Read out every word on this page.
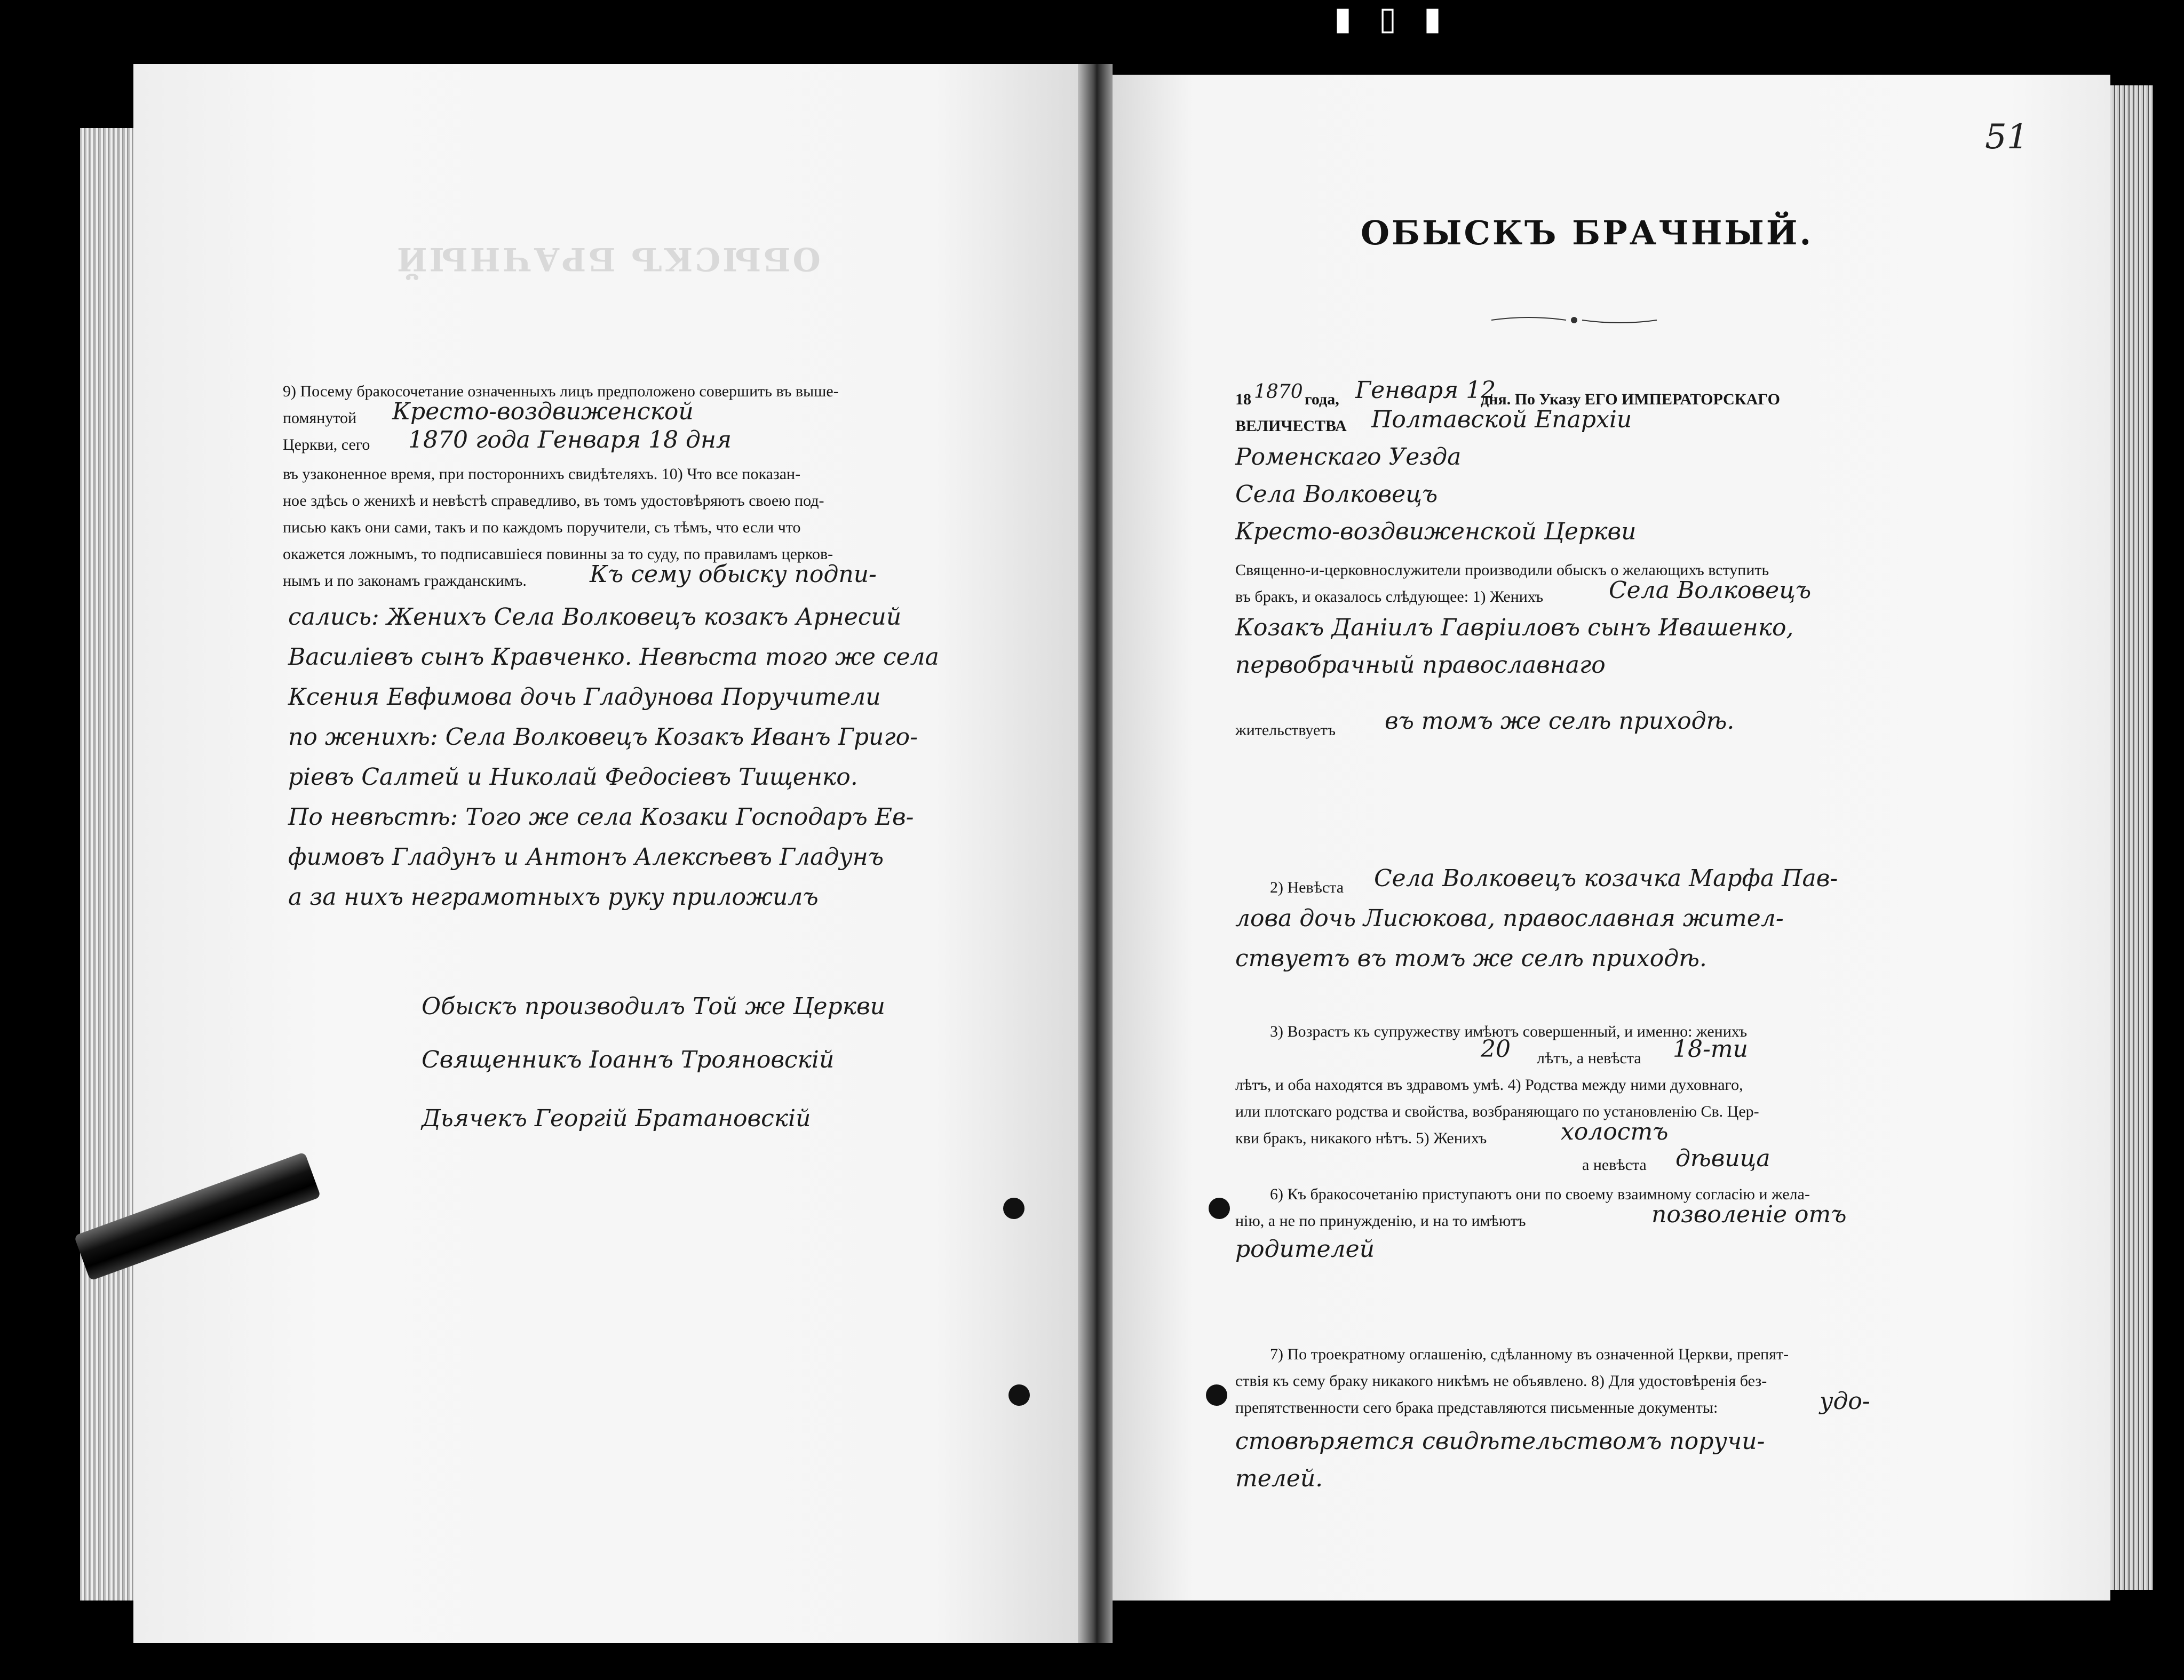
▮ ▯ ▮
ОБЫСКЪ БРАЧНЫЙ
9) Посему бракосочетание означенныхъ лицъ предположено совершить въ выше-
помянутой Кресто-воздвиженской
Церкви, сего 1870 года Генваря 18 дня
въ узаконенное время, при постороннихъ свидѣтеляхъ. 10) Что все показан-
ное здѣсь о женихѣ и невѣстѣ справедливо, въ томъ удостовѣряютъ своею под-
писью какъ они сами, такъ и по каждомъ поручители, съ тѣмъ, что если что
окажется ложнымъ, то подписавшiеся повинны за то суду, по правиламъ церков-
нымъ и по законамъ гражданскимъ.	Къ сему обыску подпи-
сались: Женихъ Села Волковецъ козакъ Арнесий
Василiевъ сынъ Кравченко. Невѣста того же села
Ксения Евфимова дочь Гладунова Поручители
по женихѣ: Села Волковецъ Козакъ Иванъ Григо-
рiевъ Салтей и Николай Федосiевъ Тищенко.
По невѣстѣ: Того же села Козаки Господаръ Ев-
фимовъ Гладунъ и Антонъ Алексѣевъ Гладунъ
а за нихъ неграмотныхъ руку приложилъ
Обыскъ производилъ Той же Церкви
Священникъ Iоаннъ Трояновскiй
Дьячекъ Георгiй Братановскiй
51
ОБЫСКЪ БРАЧНЫЙ.
18 1870 года, Генваря 12
дня. По Указу ЕГО ИМПЕРАТОРСКАГО
ВЕЛИЧЕСТВА Полтавской Епархiи
Роменскаго Уезда
Села Волковецъ
Кресто-воздвиженской Церкви
Священно-и-церковнослужители производили обыскъ о желающихъ вступить
въ бракъ, и оказалось слѣдующее: 1) Женихъ	Села Волковецъ
Козакъ Данiилъ Гаврiиловъ сынъ Ивашенко,
первобрачный православнаго
жительствуетъ въ томъ же селѣ приходѣ.
2) Невѣста Села Волковецъ козачка Марфа Пав-
лова дочь Лисюкова, православная жител-
ствуетъ въ томъ же селѣ приходѣ.
3) Возрастъ къ супружеству имѣютъ совершенный, и именно: женихъ
20 лѣтъ, а невѣста 18-ти
лѣтъ, и оба находятся въ здравомъ умѣ. 4) Родства между ними духовнаго,
или плотскаго родства и свойства, возбраняющаго по установленiю Св. Цер-
кви бракъ, никакого нѣтъ. 5) Женихъ	холостъ
а невѣста дѣвица
6) Къ бракосочетанiю приступаютъ они по своему взаимному согласiю и жела-
нiю, а не по принужденiю, и на то имѣютъ	позволенiе отъ
родителей
7) По троекратному оглашенiю, сдѣланному въ означенной Церкви, препят-
ствiя къ сему браку никакого никѣмъ не объявлено. 8) Для удостовѣренiя без-
препятственности сего брака представляются письменные документы:	удо-
стовѣряется свидѣтельствомъ поручи-
телей.
